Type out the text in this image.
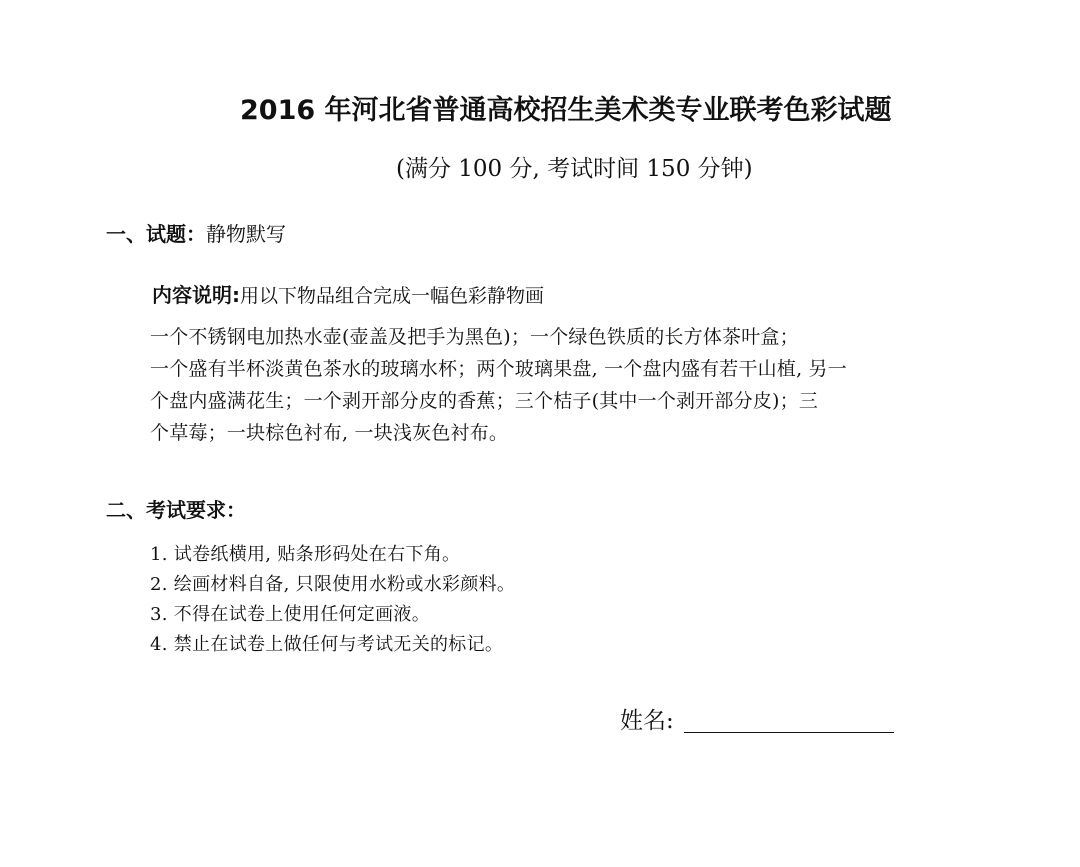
2016 年河北省普通高校招生美术类专业联考色彩试题
(满分 100 分, 考试时间 150 分钟)
一、试题：静物默写
内容说明:用以下物品组合完成一幅色彩静物画
一个不锈钢电加热水壶(壶盖及把手为黑色)；一个绿色铁质的长方体茶叶盒；
一个盛有半杯淡黄色茶水的玻璃水杯；两个玻璃果盘, 一个盘内盛有若干山植, 另一
个盘内盛满花生；一个剥开部分皮的香蕉；三个桔子(其中一个剥开部分皮)；三
个草莓；一块棕色衬布, 一块浅灰色衬布。
二、考试要求：
1. 试卷纸横用, 贴条形码处在右下角。
2. 绘画材料自备, 只限使用水粉或水彩颜料。
3. 不得在试卷上使用任何定画液。
4. 禁止在试卷上做任何与考试无关的标记。
姓名:
